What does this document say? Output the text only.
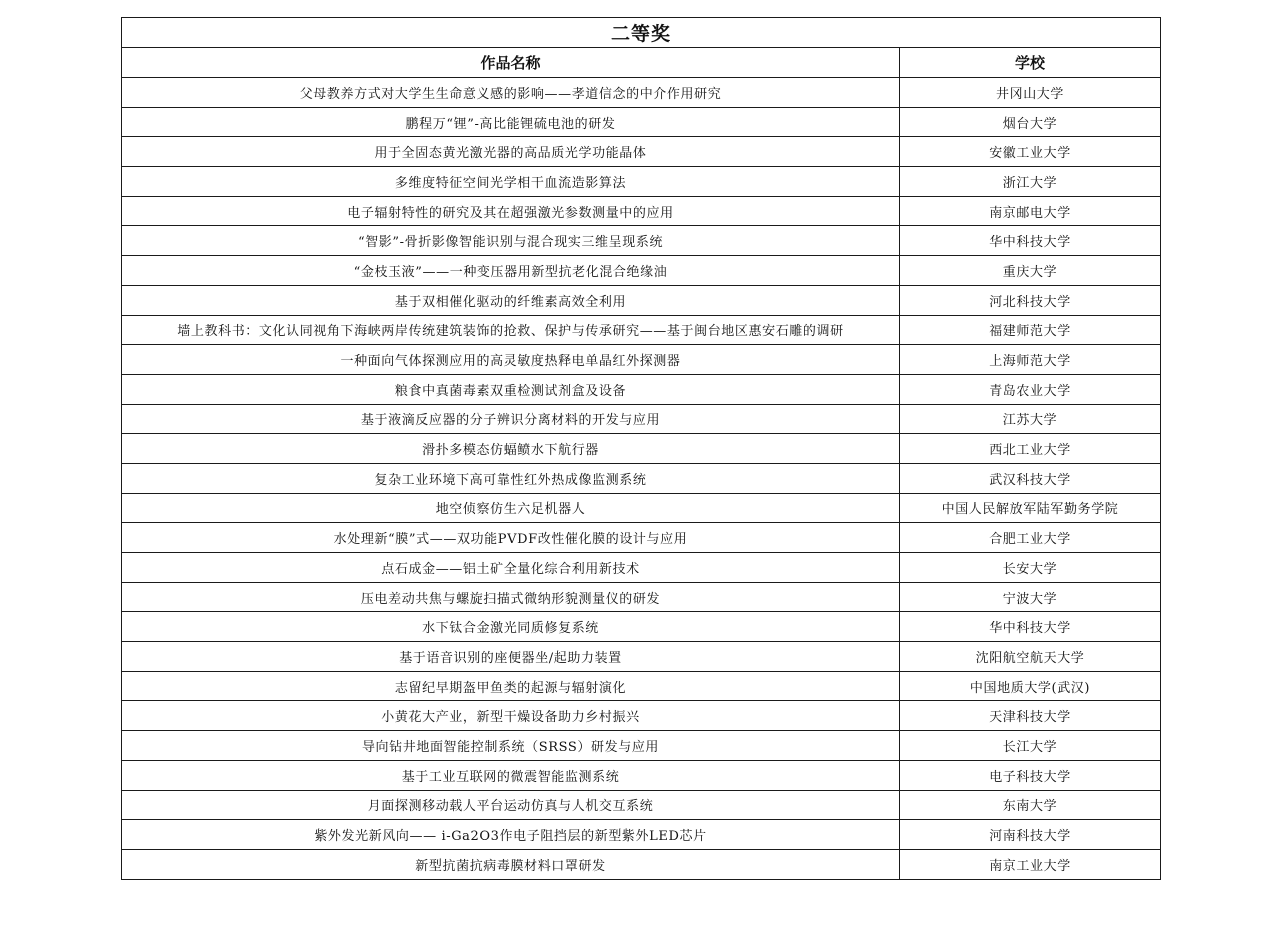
二等奖	
作品名称	学校
父母教养方式对大学生生命意义感的影响——孝道信念的中介作用研究	井冈山大学
鹏程万“锂”-高比能锂硫电池的研发	烟台大学
用于全固态黄光激光器的高品质光学功能晶体	安徽工业大学
多维度特征空间光学相干血流造影算法	浙江大学
电子辐射特性的研究及其在超强激光参数测量中的应用	南京邮电大学
“智影”-骨折影像智能识别与混合现实三维呈现系统	华中科技大学
“金枝玉液”——一种变压器用新型抗老化混合绝缘油	重庆大学
基于双相催化驱动的纤维素高效全利用	河北科技大学
墙上教科书：文化认同视角下海峡两岸传统建筑装饰的抢救、保护与传承研究——基于闽台地区惠安石雕的调研	福建师范大学
一种面向气体探测应用的高灵敏度热释电单晶红外探测器	上海师范大学
粮食中真菌毒素双重检测试剂盒及设备	青岛农业大学
基于液滴反应器的分子辨识分离材料的开发与应用	江苏大学
滑扑多模态仿蝠鲼水下航行器	西北工业大学
复杂工业环境下高可靠性红外热成像监测系统	武汉科技大学
地空侦察仿生六足机器人	中国人民解放军陆军勤务学院
水处理新“膜”式——双功能PVDF改性催化膜的设计与应用	合肥工业大学
点石成金——铝土矿全量化综合利用新技术	长安大学
压电差动共焦与螺旋扫描式微纳形貌测量仪的研发	宁波大学
水下钛合金激光同质修复系统	华中科技大学
基于语音识别的座便器坐/起助力装置	沈阳航空航天大学
志留纪早期盔甲鱼类的起源与辐射演化	中国地质大学(武汉)
小黄花大产业，新型干燥设备助力乡村振兴	天津科技大学
导向钻井地面智能控制系统（SRSS）研发与应用	长江大学
基于工业互联网的微震智能监测系统	电子科技大学
月面探测移动载人平台运动仿真与人机交互系统	东南大学
紫外发光新风向—— i-Ga2O3作电子阻挡层的新型紫外LED芯片	河南科技大学
新型抗菌抗病毒膜材料口罩研发	南京工业大学
